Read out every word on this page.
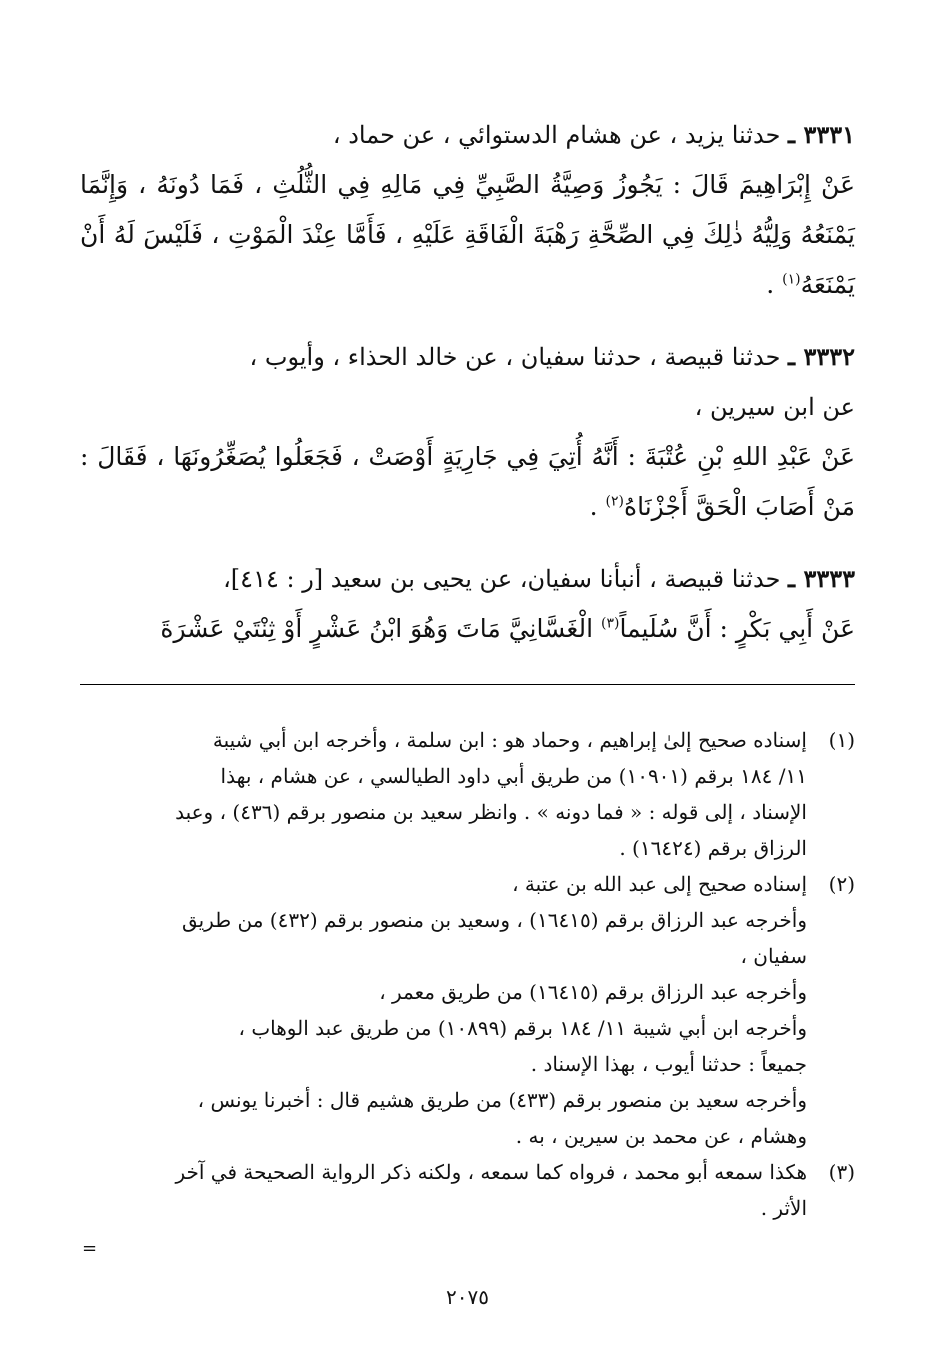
٣٣٣١ ـ حدثنا يزيد ، عن هشام الدستوائي ، عن حماد ،

عَنْ إِبْرَاهِيمَ قَالَ : يَجُوزُ وَصِيَّةُ الصَّبِيِّ فِي مَالِهِ فِي الثُّلُثِ ، فَمَا دُونَهُ ، وَإِنَّمَا يَمْنَعُهُ وَلِيُّهُ ذٰلِكَ فِي الصِّحَّةِ رَهْبَةَ الْفَاقَةِ عَلَيْهِ ، فَأَمَّا عِنْدَ الْمَوْتِ ، فَلَيْسَ لَهُ أَنْ يَمْنَعَهُ$^{(١)}$ .

٣٣٣٢ ـ حدثنا قبيصة ، حدثنا سفيان ، عن خالد الحذاء ، وأيوب ،

عن ابن سيرين ،

عَنْ عَبْدِ اللهِ بْنِ عُتْبَةَ : أَنَّهُ أُتِيَ فِي جَارِيَةٍ أَوْصَتْ ، فَجَعَلُوا يُصَغِّرُونَهَا ، فَقَالَ : مَنْ أَصَابَ الْحَقَّ أَجْزْنَاهُ$^{(٢)}$ .

٣٣٣٣ ـ حدثنا قبيصة ، أنبأنا سفيان، عن يحيى بن سعيد [ر : ٤١٤]،

عَنْ أَبِي بَكْرٍ : أَنَّ سُلَيماً$^{(٣)}$ الْغَسَّانِيَّ مَاتَ وَهُوَ ابْنُ عَشْرٍ أَوْ ثِنْتَيْ عَشْرَةَ

(١)
إسناده صحيح إلىٰ إبراهيم ، وحماد هو : ابن سلمة ، وأخرجه ابن أبي شيبة
١١/ ١٨٤ برقم (١٠٩٠١) من طريق أبي داود الطيالسي ، عن هشام ، بهذا
الإسناد ، إلى قوله : « فما دونه » . وانظر سعيد بن منصور برقم (٤٣٦) ، وعبد
الرزاق برقم (١٦٤٢٤) .
(٢)
إسناده صحيح إلى عبد الله بن عتبة ،
وأخرجه عبد الرزاق برقم (١٦٤١٥) ، وسعيد بن منصور برقم (٤٣٢) من طريق
سفيان ،
وأخرجه عبد الرزاق برقم (١٦٤١٥) من طريق معمر ،
وأخرجه ابن أبي شيبة ١١/ ١٨٤ برقم (١٠٨٩٩) من طريق عبد الوهاب ،
جميعاً : حدثنا أيوب ، بهذا الإسناد .
وأخرجه سعيد بن منصور برقم (٤٣٣) من طريق هشيم قال : أخبرنا يونس ،
وهشام ، عن محمد بن سيرين ، به .
(٣)
هكذا سمعه أبو محمد ، فرواه كما سمعه ، ولكنه ذكر الرواية الصحيحة في آخر
الأثر .
=
٢٠٧٥
